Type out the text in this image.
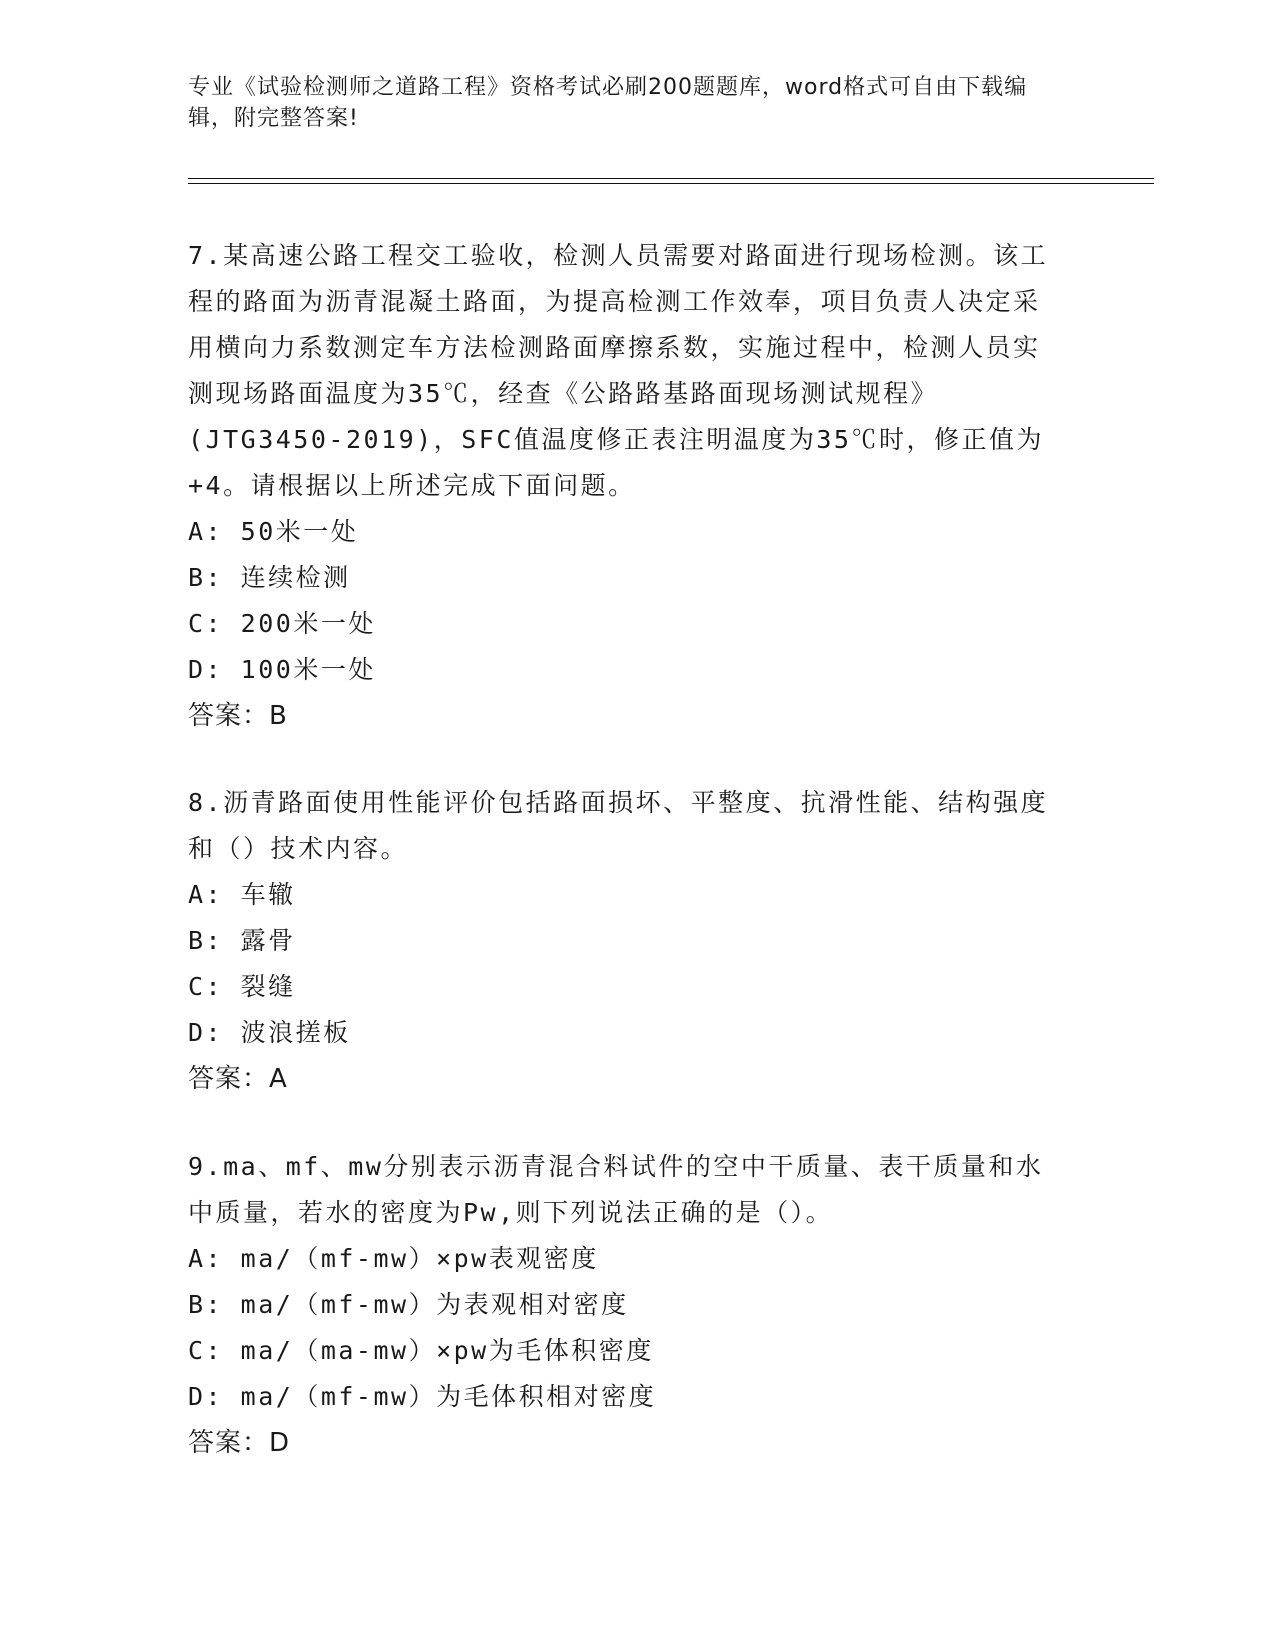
专业《试验检测师之道路工程》资格考试必刷200题题库，word格式可自由下载编辑，附完整答案!

7.某高速公路工程交工验收，检测人员需要对路面进行现场检测。该工程的路面为沥青混凝土路面，为提高检测工作效奉，项目负责人决定采用横向力系数测定车方法检测路面摩擦系数，实施过程中，检测人员实测现场路面温度为35℃，经查《公路路基路面现场测试规程》(JTG3450-2019)，SFC值温度修正表注明温度为35℃时，修正值为+4。请根据以上所述完成下面问题。

A: 50米一处
B: 连续检测
C: 200米一处
D: 100米一处

答案：B

8.沥青路面使用性能评价包括路面损坏、平整度、抗滑性能、结构强度和（）技术内容。

A: 车辙
B: 露骨
C: 裂缝
D: 波浪搓板

答案：A

9.ma、mf、mw分别表示沥青混合料试件的空中干质量、表干质量和水中质量，若水的密度为Pw,则下列说法正确的是（）。

A: ma/（mf-mw）×pw表观密度
B: ma/（mf-mw）为表观相对密度
C: ma/（ma-mw）×pw为毛体积密度
D: ma/（mf-mw）为毛体积相对密度

答案：D
